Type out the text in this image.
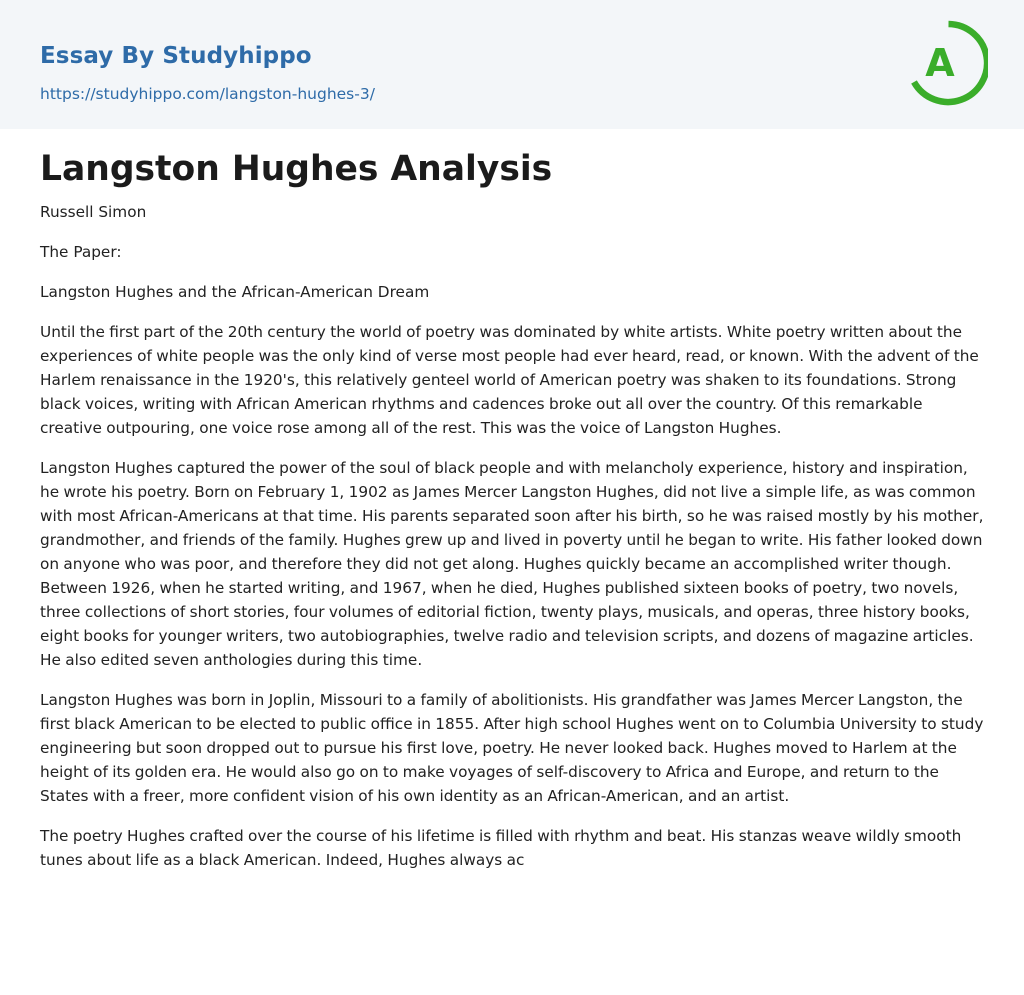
Essay By Studyhippo
https://studyhippo.com/langston-hughes-3/
A
Langston Hughes Analysis

Russell Simon

The Paper:

Langston Hughes and the African-American Dream

Until the first part of the 20th century the world of poetry was dominated by white artists. White poetry written about the experiences of white people was the only kind of verse most people had ever heard, read, or known. With the advent of the Harlem renaissance in the 1920's, this relatively genteel world of American poetry was shaken to its foundations. Strong black voices, writing with African American rhythms and cadences broke out all over the country. Of this remarkable creative outpouring, one voice rose among all of the rest. This was the voice of Langston Hughes.

Langston Hughes captured the power of the soul of black people and with melancholy experience, history and inspiration, he wrote his poetry. Born on February 1, 1902 as James Mercer Langston Hughes, did not live a simple life, as was common with most African-Americans at that time. His parents separated soon after his birth, so he was raised mostly by his mother, grandmother, and friends of the family. Hughes grew up and lived in poverty until he began to write. His father looked down on anyone who was poor, and therefore they did not get along. Hughes quickly became an accomplished writer though. Between 1926, when he started writing, and 1967, when he died, Hughes published sixteen books of poetry, two novels, three collections of short stories, four volumes of editorial fiction, twenty plays, musicals, and operas, three history books, eight books for younger writers, two autobiographies, twelve radio and television scripts, and dozens of magazine articles. He also edited seven anthologies during this time.

Langston Hughes was born in Joplin, Missouri to a family of abolitionists. His grandfather was James Mercer Langston, the first black American to be elected to public office in 1855. After high school Hughes went on to Columbia University to study engineering but soon dropped out to pursue his first love, poetry. He never looked back. Hughes moved to Harlem at the height of its golden era. He would also go on to make voyages of self-discovery to Africa and Europe, and return to the States with a freer, more confident vision of his own identity as an African-American, and an artist.

The poetry Hughes crafted over the course of his lifetime is filled with rhythm and beat. His stanzas weave wildly smooth tunes about life as a black American. Indeed, Hughes always ac
